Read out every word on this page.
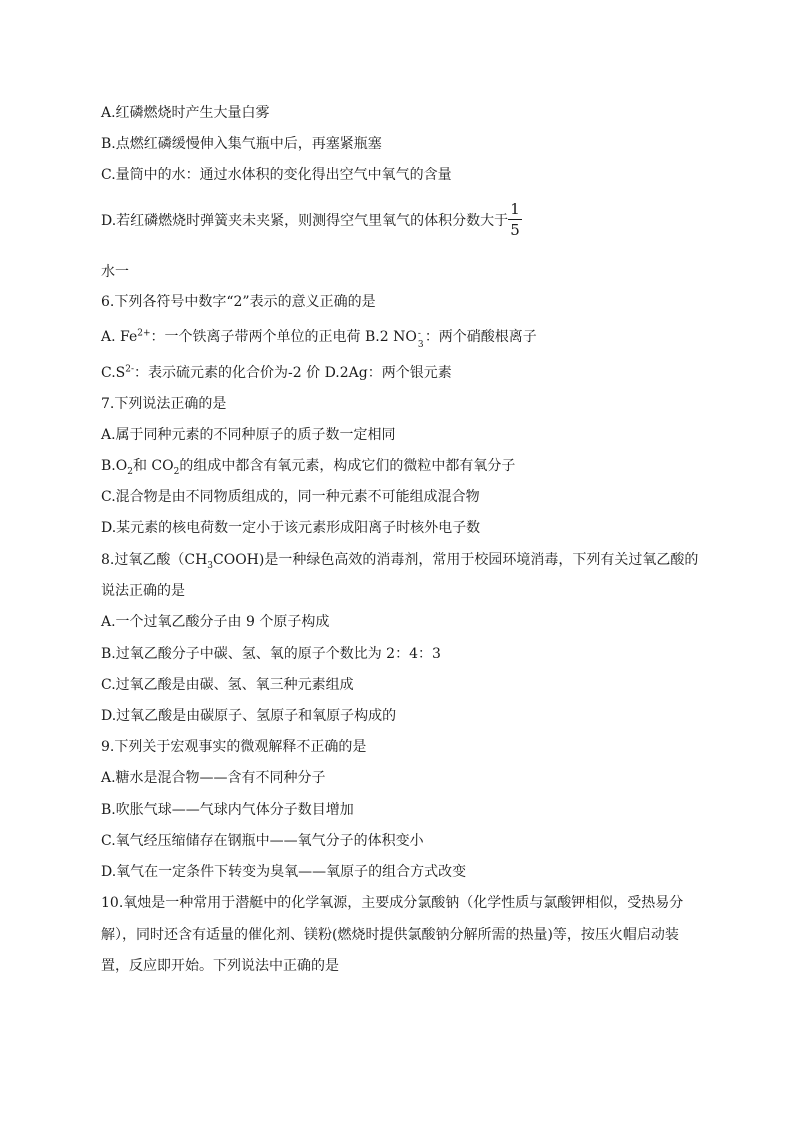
A.红磷燃烧时产生大量白雾
B.点燃红磷缓慢伸入集气瓶中后，再塞紧瓶塞
C.量筒中的水：通过水体积的变化得出空气中氧气的含量
D.若红磷燃烧时弹簧夹未夹紧，则测得空气里氧气的体积分数大于
1
5
水一
6.下列各符号中数字“2”表示的意义正确的是
A. $Fe^{2+}$：一个铁离子带两个单位的正电荷 B.2 NO -
3 ：两个硝酸根离子
$C.S^{2-}$：表示硫元素的化合价为-2 价 D.2Ag：两个银元素
7.下列说法正确的是
A.属于同种元素的不同种原子的质子数一定相同
$B.O_2$和 $CO_2$的组成中都含有氧元素，构成它们的微粒中都有氧分子
C.混合物是由不同物质组成的，同一种元素不可能组成混合物
D.某元素的核电荷数一定小于该元素形成阳离子时核外电子数
8.过氧乙酸$(CH_3COOH)$是一种绿色高效的消毒剂，常用于校园环境消毒，下列有关过氧乙酸的
说法正确的是
A.一个过氧乙酸分子由 9 个原子构成
B.过氧乙酸分子中碳、氢、氧的原子个数比为 2：4：3
C.过氧乙酸是由碳、氢、氧三种元素组成
D.过氧乙酸是由碳原子、氢原子和氧原子构成的
9.下列关于宏观事实的微观解释不正确的是
A.糖水是混合物——含有不同种分子
B.吹胀气球——气球内气体分子数目增加
C.氧气经压缩储存在钢瓶中——氧气分子的体积变小
D.氧气在一定条件下转变为臭氧——氧原子的组合方式改变
10.氧烛是一种常用于潜艇中的化学氧源，主要成分氯酸钠（化学性质与氯酸钾相似，受热易分
解），同时还含有适量的催化剂、镁粉(燃烧时提供氯酸钠分解所需的热量)等，按压火帽启动装
置，反应即开始。下列说法中正确的是
